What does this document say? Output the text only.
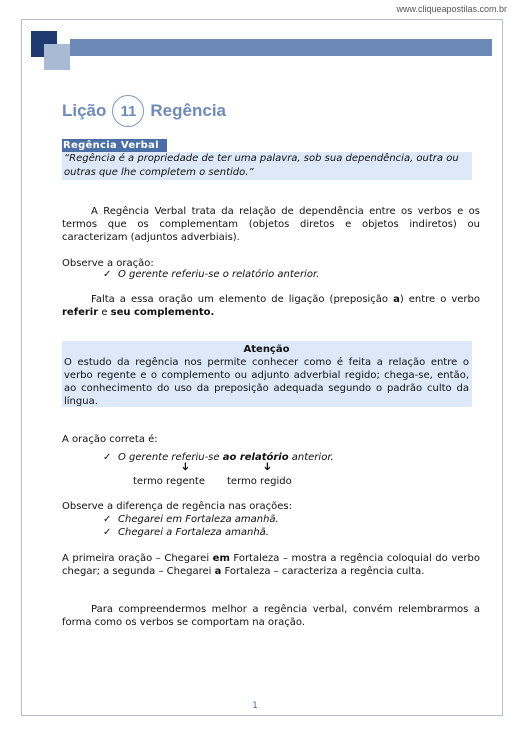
www.cliqueapostilas.com.br
Lição 11 Regência
Regência Verbal
“Regência é a propriedade de ter uma palavra, sob sua dependência, outra ou outras que lhe completem o sentido.”
A Regência Verbal trata da relação de dependência entre os verbos e os termos que os complementam (objetos diretos e objetos indiretos) ou caracterizam (adjuntos adverbiais).
Observe a oração:
✓ O gerente referiu-se o relatório anterior.
Falta a essa oração um elemento de ligação (preposição a) entre o verbo referir e seu complemento.
Atenção
O estudo da regência nos permite conhecer como é feita a relação entre o verbo regente e o complemento ou adjunto adverbial regido; chega-se, então, ao conhecimento do uso da preposição adequada segundo o padrão culto da língua.
A oração correta é:
✓ O gerente referiu-se ao relatório anterior.
➔	➔
termo regente termo regido
Observe a diferença de regência nas orações:
✓ Chegarei em Fortaleza amanhã.
✓ Chegarei a Fortaleza amanhã.
A primeira oração – Chegarei em Fortaleza – mostra a regência coloquial do verbo chegar; a segunda – Chegarei a Fortaleza – caracteriza a regência culta.
Para compreendermos melhor a regência verbal, convém relembrarmos a forma como os verbos se comportam na oração.
1
